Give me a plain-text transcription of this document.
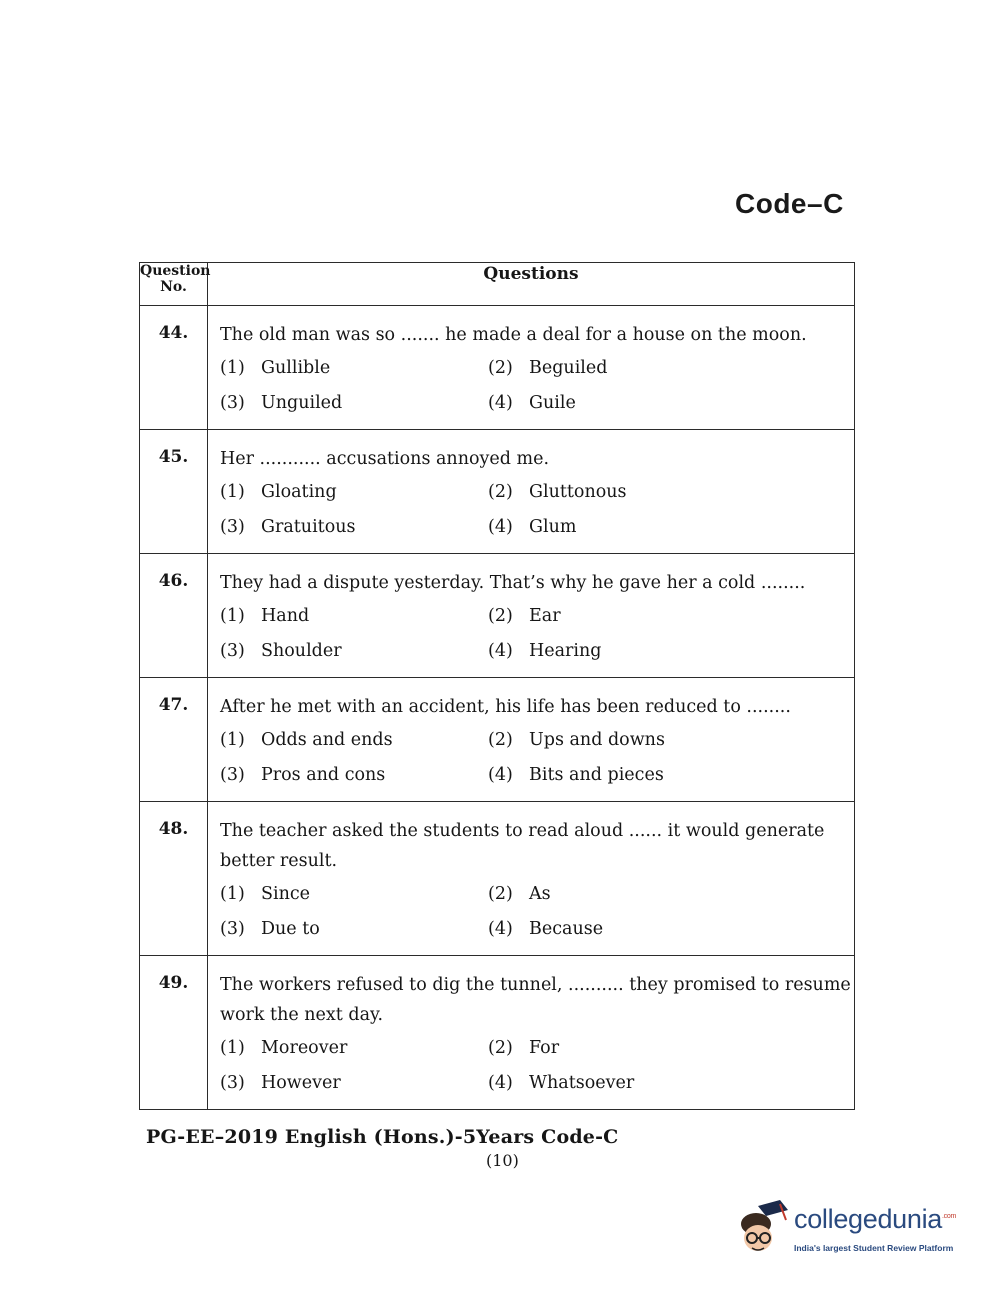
Code–C
Question
No.	Questions
44.	The old man was so ....... he made a deal for a house on the moon.
(1) Gullible (2) Beguiled
(3) Unguiled (4) Guile

45.	Her ........... accusations annoyed me.
(1) Gloating (2) Gluttonous
(3) Gratuitous (4) Glum

46.	They had a dispute yesterday. That’s why he gave her a cold ........
(1) Hand (2) Ear
(3) Shoulder (4) Hearing

47.	After he met with an accident, his life has been reduced to ........
(1) Odds and ends (2) Ups and downs
(3) Pros and cons (4) Bits and pieces

48.	The teacher asked the students to read aloud ...... it would generate better result.
(1) Since (2) As
(3) Due to (4) Because

49.	The workers refused to dig the tunnel, .......... they promised to resume work the next day.
(1) Moreover (2) For
(3) However (4) Whatsoever
PG-EE–2019 English (Hons.)-5Years Code-C
(10)
collegedunia$^{.com}$
India's largest Student Review Platform
